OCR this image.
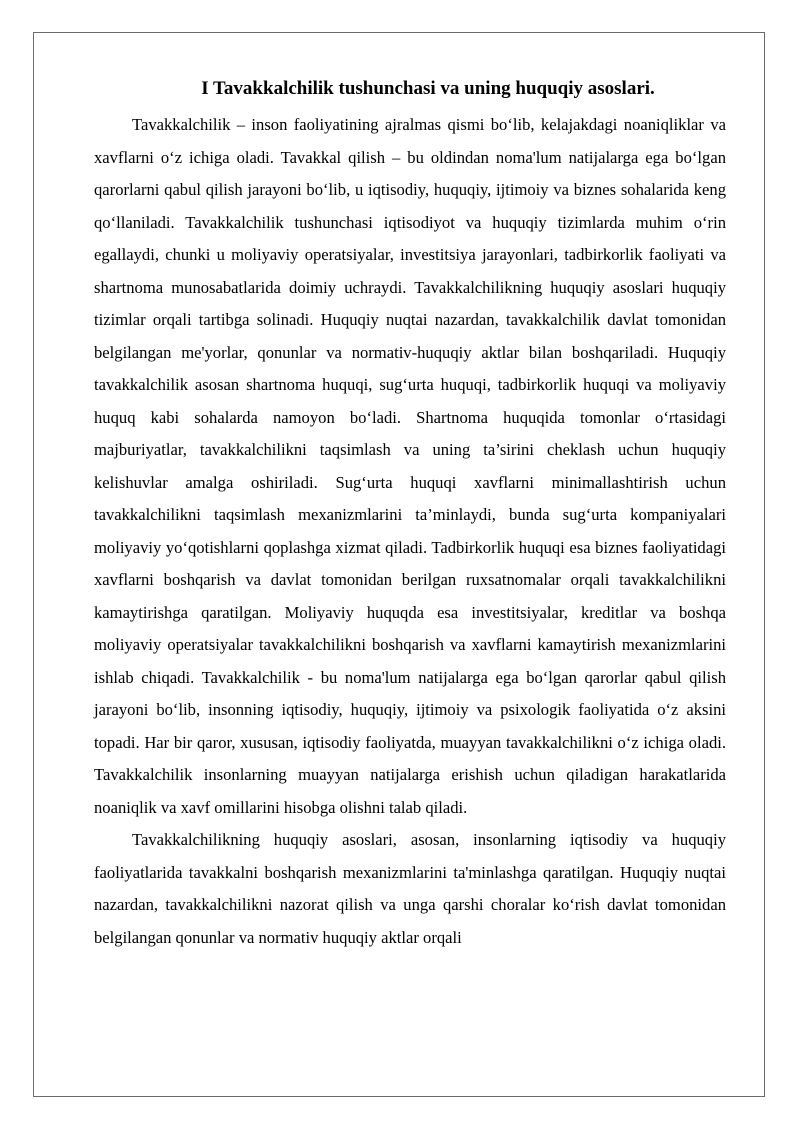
I Tavakkalchilik tushunchasi va uning huquqiy asoslari.

Tavakkalchilik – inson faoliyatining ajralmas qismi bo‘lib, kelajakdagi noaniqliklar va xavflarni o‘z ichiga oladi. Tavakkal qilish – bu oldindan noma'lum natijalarga ega bo‘lgan qarorlarni qabul qilish jarayoni bo‘lib, u iqtisodiy, huquqiy, ijtimoiy va biznes sohalarida keng qo‘llaniladi. Tavakkalchilik tushunchasi iqtisodiyot va huquqiy tizimlarda muhim o‘rin egallaydi, chunki u moliyaviy operatsiyalar, investitsiya jarayonlari, tadbirkorlik faoliyati va shartnoma munosabatlarida doimiy uchraydi. Tavakkalchilikning huquqiy asoslari huquqiy tizimlar orqali tartibga solinadi. Huquqiy nuqtai nazardan, tavakkalchilik davlat tomonidan belgilangan me'yorlar, qonunlar va normativ-huquqiy aktlar bilan boshqariladi. Huquqiy tavakkalchilik asosan shartnoma huquqi, sug‘urta huquqi, tadbirkorlik huquqi va moliyaviy huquq kabi sohalarda namoyon bo‘ladi. Shartnoma huquqida tomonlar o‘rtasidagi majburiyatlar, tavakkalchilikni taqsimlash va uning ta’sirini cheklash uchun huquqiy kelishuvlar amalga oshiriladi. Sug‘urta huquqi xavflarni minimallashtirish uchun tavakkalchilikni taqsimlash mexanizmlarini ta’minlaydi, bunda sug‘urta kompaniyalari moliyaviy yo‘qotishlarni qoplashga xizmat qiladi. Tadbirkorlik huquqi esa biznes faoliyatidagi xavflarni boshqarish va davlat tomonidan berilgan ruxsatnomalar orqali tavakkalchilikni kamaytirishga qaratilgan. Moliyaviy huquqda esa investitsiyalar, kreditlar va boshqa moliyaviy operatsiyalar tavakkalchilikni boshqarish va xavflarni kamaytirish mexanizmlarini ishlab chiqadi. Tavakkalchilik - bu noma'lum natijalarga ega bo‘lgan qarorlar qabul qilish jarayoni bo‘lib, insonning iqtisodiy, huquqiy, ijtimoiy va psixologik faoliyatida o‘z aksini topadi. Har bir qaror, xususan, iqtisodiy faoliyatda, muayyan tavakkalchilikni o‘z ichiga oladi. Tavakkalchilik insonlarning muayyan natijalarga erishish uchun qiladigan harakatlarida noaniqlik va xavf omillarini hisobga olishni talab qiladi.

Tavakkalchilikning huquqiy asoslari, asosan, insonlarning iqtisodiy va huquqiy faoliyatlarida tavakkalni boshqarish mexanizmlarini ta'minlashga qaratilgan. Huquqiy nuqtai nazardan, tavakkalchilikni nazorat qilish va unga qarshi choralar ko‘rish davlat tomonidan belgilangan qonunlar va normativ huquqiy aktlar orqali
